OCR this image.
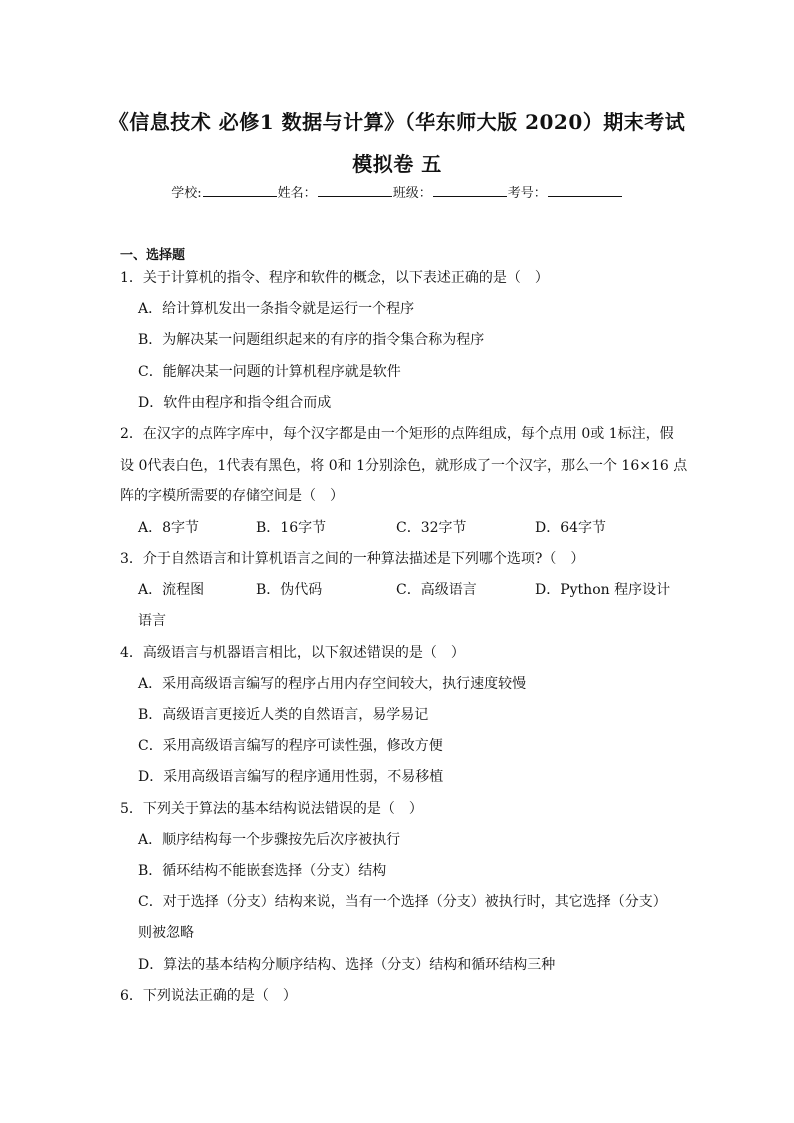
《信息技术 必修1 数据与计算》（华东师大版 2020）期末考试
模拟卷 五
学校:	姓名：	班级：	考号：
一、选择题
1．关于计算机的指令、程序和软件的概念，以下表述正确的是（　）
A．给计算机发出一条指令就是运行一个程序
B．为解决某一问题组织起来的有序的指令集合称为程序
C．能解决某一问题的计算机程序就是软件
D．软件由程序和指令组合而成
2．在汉字的点阵字库中，每个汉字都是由一个矩形的点阵组成，每个点用 0或 1标注，假
设 0代表白色，1代表有黑色，将 0和 1分别涂色，就形成了一个汉字，那么一个 16×16 点
阵的字模所需要的存储空间是（　）
A．8字节	B．16字节	C．32字节	D．64字节
3．介于自然语言和计算机语言之间的一种算法描述是下列哪个选项?（　）
A．流程图	B．伪代码	C．高级语言	D．Python 程序设计
语言
4．高级语言与机器语言相比，以下叙述错误的是（　）
A．采用高级语言编写的程序占用内存空间较大，执行速度较慢
B．高级语言更接近人类的自然语言，易学易记
C．采用高级语言编写的程序可读性强，修改方便
D．采用高级语言编写的程序通用性弱，不易移植
5．下列关于算法的基本结构说法错误的是（　）
A．顺序结构每一个步骤按先后次序被执行
B．循环结构不能嵌套选择（分支）结构
C．对于选择（分支）结构来说，当有一个选择（分支）被执行时，其它选择（分支）
则被忽略
D．算法的基本结构分顺序结构、选择（分支）结构和循环结构三种
6．下列说法正确的是（　）
